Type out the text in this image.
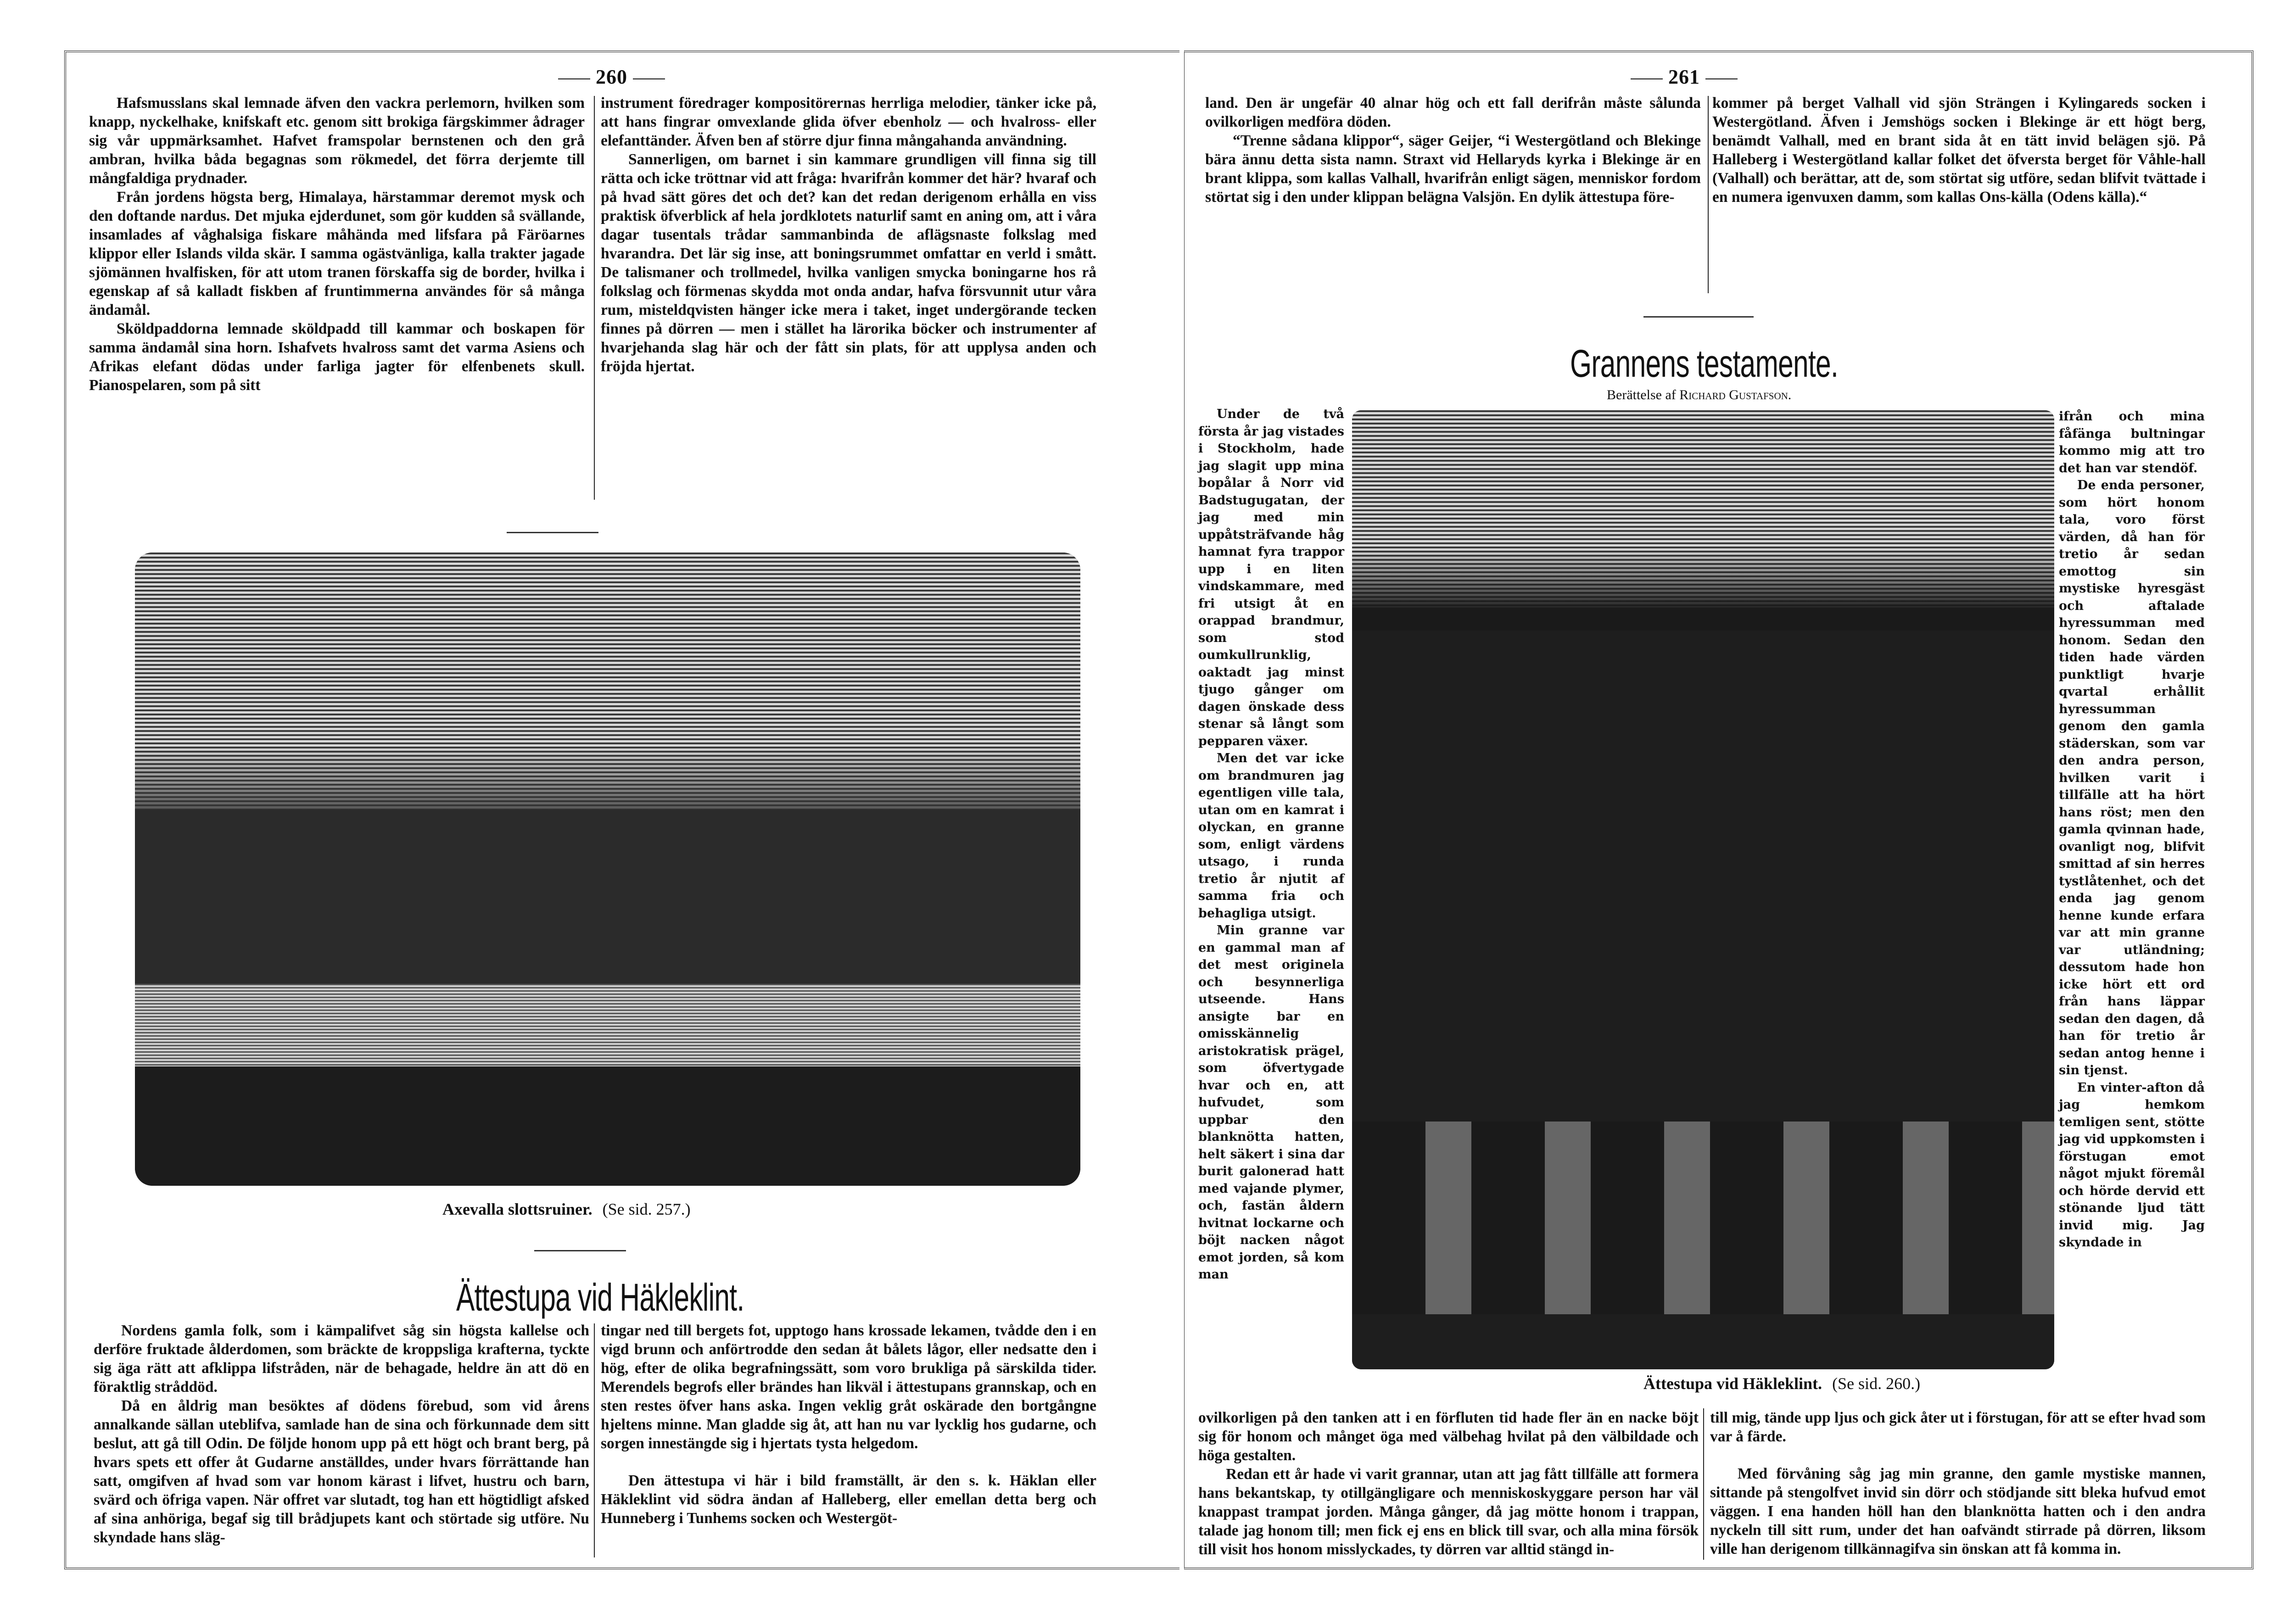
260

Hafsmusslans skal lemnade äfven den vackra perlemorn, hvilken som knapp, nyckelhake, knifskaft etc. genom sitt brokiga färgskimmer ådrager sig vår uppmärksamhet. Hafvet framspolar bernstenen och den grå ambran, hvilka båda begagnas som rökmedel, det förra derjemte till mångfaldiga prydnader.

Från jordens högsta berg, Himalaya, härstammar deremot mysk och den doftande nardus. Det mjuka ejderdunet, som gör kudden så svällande, insamlades af våghalsiga fiskare måhända med lifsfara på Färöarnes klippor eller Islands vilda skär. I samma ogästvänliga, kalla trakter jagade sjömännen hvalfisken, för att utom tranen förskaffa sig de border, hvilka i egenskap af så kalladt fiskben af fruntimmerna användes för så många ändamål.

Sköldpaddorna lemnade sköldpadd till kammar och boskapen för samma ändamål sina horn. Ishafvets hvalross samt det varma Asiens och Afrikas elefant dödas under farliga jagter för elfenbenets skull. Pianospelaren, som på sitt

instrument föredrager kompositörernas herrliga melodier, tänker icke på, att hans fingrar omvexlande glida öfver ebenholz — och hvalross- eller elefanttänder. Äfven ben af större djur finna mångahanda användning.

Sannerligen, om barnet i sin kammare grundligen vill finna sig till rätta och icke tröttnar vid att fråga: hvarifrån kommer det här? hvaraf och på hvad sätt göres det och det? kan det redan derigenom erhålla en viss praktisk öfverblick af hela jordklotets naturlif samt en aning om, att i våra dagar tusentals trådar sammanbinda de aflägsnaste folkslag med hvarandra. Det lär sig inse, att boningsrummet omfattar en verld i smått. De talismaner och trollmedel, hvilka vanligen smycka boningarne hos rå folkslag och förmenas skydda mot onda andar, hafva försvunnit utur våra rum, misteldqvisten hänger icke mera i taket, inget undergörande tecken finnes på dörren — men i stället ha lärorika böcker och instrumenter af hvarjehanda slag här och der fått sin plats, för att upplysa anden och fröjda hjertat.

Axevalla slottsruiner. (Se sid. 257.)
Ättestupa vid Häkleklint.

Nordens gamla folk, som i kämpalifvet såg sin högsta kallelse och derföre fruktade ålderdomen, som bräckte de kroppsliga krafterna, tyckte sig äga rätt att afklippa lifstråden, när de behagade, heldre än att dö en föraktlig stråddöd.

Då en åldrig man besöktes af dödens förebud, som vid årens annalkande sällan uteblifva, samlade han de sina och förkunnade dem sitt beslut, att gå till Odin. De följde honom upp på ett högt och brant berg, på hvars spets ett offer åt Gudarne anställdes, under hvars förrättande han satt, omgifven af hvad som var honom kärast i lifvet, hustru och barn, svärd och öfriga vapen. När offret var slutadt, tog han ett högtidligt afsked af sina anhöriga, begaf sig till brådjupets kant och störtade sig utföre. Nu skyndade hans släg-

tingar ned till bergets fot, upptogo hans krossade lekamen, tvådde den i en vigd brunn och anförtrodde den sedan åt bålets lågor, eller nedsatte den i hög, efter de olika begrafningssätt, som voro brukliga på särskilda tider. Merendels begrofs eller brändes han likväl i ättestupans grannskap, och en sten restes öfver hans aska. Ingen veklig gråt oskärade den bortgångne hjeltens minne. Man gladde sig åt, att han nu var lycklig hos gudarne, och sorgen innestängde sig i hjertats tysta helgedom.

Den ättestupa vi här i bild framställt, är den s. k. Häklan eller Häkleklint vid södra ändan af Halleberg, eller emellan detta berg och Hunneberg i Tunhems socken och Westergöt-

261

land. Den är ungefär 40 alnar hög och ett fall derifrån måste sålunda ovilkorligen medföra döden.

“Trenne sådana klippor“, säger Geijer, “i Westergötland och Blekinge bära ännu detta sista namn. Straxt vid Hellaryds kyrka i Blekinge är en brant klippa, som kallas Valhall, hvarifrån enligt sägen, menniskor fordom störtat sig i den under klippan belägna Valsjön. En dylik ättestupa före-

kommer på berget Valhall vid sjön Strängen i Kylingareds socken i Westergötland. Äfven i Jemshögs socken i Blekinge är ett högt berg, benämdt Valhall, med en brant sida åt en tätt invid belägen sjö. På Halleberg i Westergötland kallar folket det öfversta berget för Våhle-hall (Valhall) och berättar, att de, som störtat sig utföre, sedan blifvit tvättade i en numera igenvuxen damm, som kallas Ons-källa (Odens källa).“

Grannens testamente.
Berättelse af Richard Gustafson.

Under de två första år jag vistades i Stockholm, hade jag slagit upp mina bopålar å Norr vid Badstugugatan, der jag med min uppåtsträfvande håg hamnat fyra trappor upp i en liten vindskammare, med fri utsigt åt en orappad brandmur, som stod oumkullrunklig, oaktadt jag minst tjugo gånger om dagen önskade dess stenar så långt som pepparen växer.

Men det var icke om brandmuren jag egentligen ville tala, utan om en kamrat i olyckan, en granne som, enligt värdens utsago, i runda tretio år njutit af samma fria och behagliga utsigt.

Min granne var en gammal man af det mest originela och besynnerliga utseende. Hans ansigte bar en omisskännelig aristokratisk prägel, som öfvertygade hvar och en, att hufvudet, som uppbar den blanknötta hatten, helt säkert i sina dar burit galonerad hatt med vajande plymer, och, fastän åldern hvitnat lockarne och böjt nacken något emot jorden, så kom man

Ättestupa vid Häkleklint. (Se sid. 260.)

ifrån och mina fåfänga bultningar kommo mig att tro det han var stendöf.

De enda personer, som hört honom tala, voro först värden, då han för tretio år sedan emottog sin mystiske hyresgäst och aftalade hyressumman med honom. Sedan den tiden hade värden punktligt hvarje qvartal erhållit hyressumman genom den gamla städerskan, som var den andra person, hvilken varit i tillfälle att ha hört hans röst; men den gamla qvinnan hade, ovanligt nog, blifvit smittad af sin herres tystlåtenhet, och det enda jag genom henne kunde erfara var att min granne var utländning; dessutom hade hon icke hört ett ord från hans läppar sedan den dagen, då han för tretio år sedan antog henne i sin tjenst.

En vinter-afton då jag hemkom temligen sent, stötte jag vid uppkomsten i förstugan emot något mjukt föremål och hörde dervid ett stönande ljud tätt invid mig. Jag skyndade in

ovilkorligen på den tanken att i en förfluten tid hade fler än en nacke böjt sig för honom och månget öga med välbehag hvilat på den välbildade och höga gestalten.

Redan ett år hade vi varit grannar, utan att jag fått tillfälle att formera hans bekantskap, ty otillgängligare och menniskoskyggare person har väl knappast trampat jorden. Många gånger, då jag mötte honom i trappan, talade jag honom till; men fick ej ens en blick till svar, och alla mina försök till visit hos honom misslyckades, ty dörren var alltid stängd in-

till mig, tände upp ljus och gick åter ut i förstugan, för att se efter hvad som var å färde.

Med förvåning såg jag min granne, den gamle mystiske mannen, sittande på stengolfvet invid sin dörr och stödjande sitt bleka hufvud emot väggen. I ena handen höll han den blanknötta hatten och i den andra nyckeln till sitt rum, under det han oafvändt stirrade på dörren, liksom ville han derigenom tillkännagifva sin önskan att få komma in.
